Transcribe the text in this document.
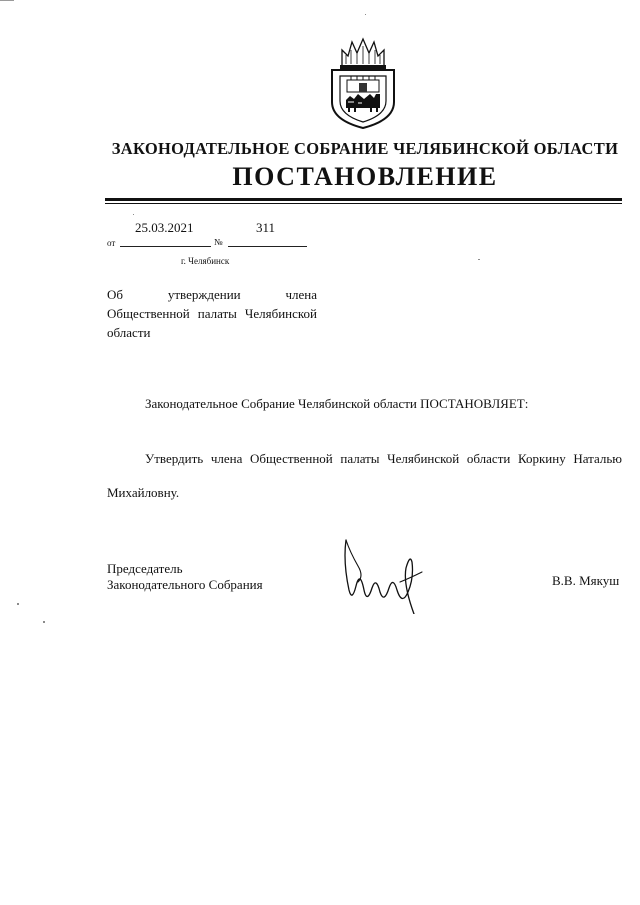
ЗАКОНОДАТЕЛЬНОЕ СОБРАНИЕ ЧЕЛЯБИНСКОЙ ОБЛАСТИ
ПОСТАНОВЛЕНИЕ
25.03.2021	311
от	№
г. Челябинск
Об утверждении члена Общественной палаты Челябинской области
Законодательное Собрание Челябинской области ПОСТАНОВЛЯЕТ:
Утвердить члена Общественной палаты Челябинской области Коркину Наталью Михайловну.
Председатель
Законодательного Собрания	В.В. Мякуш
